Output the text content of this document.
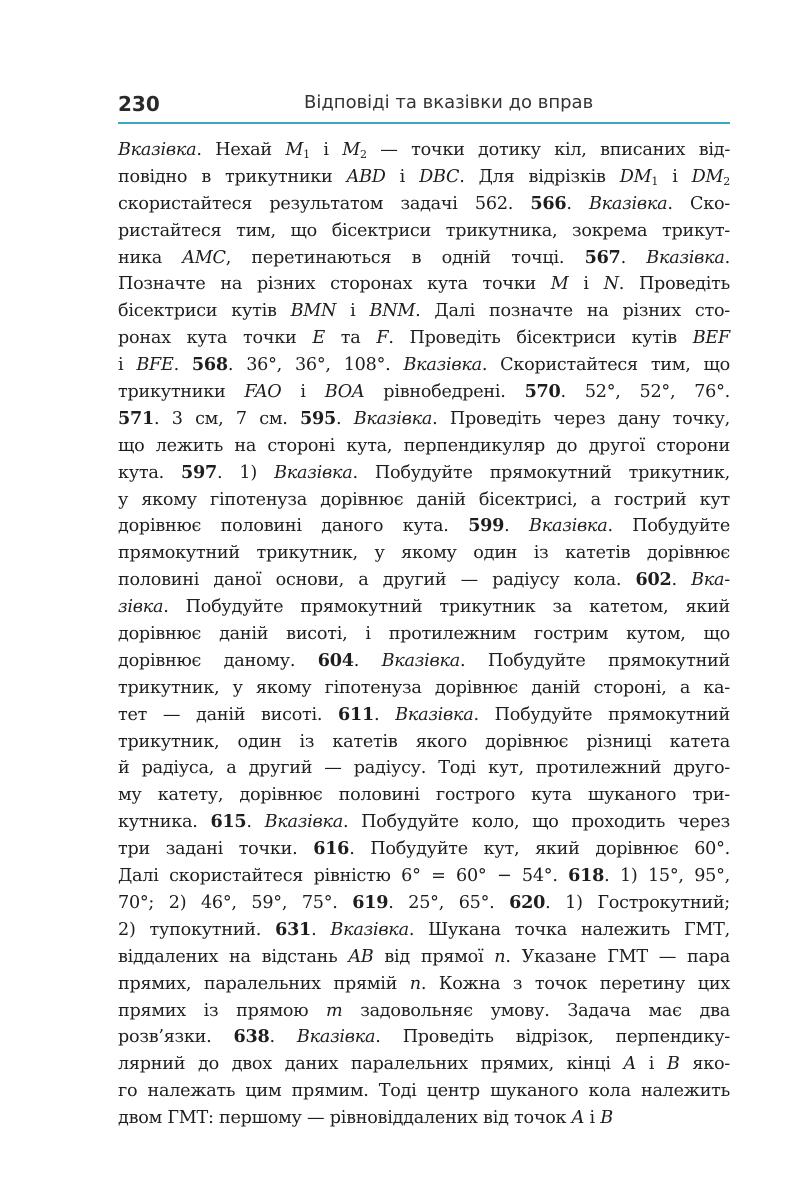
230	Відповіді та вказівки до вправ
Вказівка. Нехай $M_1$ і $M_2$ — точки дотику кіл, вписаних від-
повідно в трикутники ABD і DBC. Для відрізків $DM_1$ і $DM_2$
скористайтеся результатом задачі 562. 566. Вказівка. Ско-
ристайтеся тим, що бісектриси трикутника, зокрема трикут-
ника AMC, перетинаються в одній точці. 567. Вказівка.
Позначте на різних сторонах кута точки M і N. Проведіть
бісектриси кутів BMN і BNM. Далі позначте на різних сто-
ронах кута точки E та F. Проведіть бісектриси кутів BEF
і BFE. 568. 36°, 36°, 108°. Вказівка. Скористайтеся тим, що
трикутники FAO і BOA рівнобедрені. 570. 52°, 52°, 76°.
571. 3 см, 7 см. 595. Вказівка. Проведіть через дану точку,
що лежить на стороні кута, перпендикуляр до другої сторони
кута. 597. 1) Вказівка. Побудуйте прямокутний трикутник,
у якому гіпотенуза дорівнює даній бісектрисі, а гострий кут
дорівнює половині даного кута. 599. Вказівка. Побудуйте
прямокутний трикутник, у якому один із катетів дорівнює
половині даної основи, а другий — радіусу кола. 602. Вка-
зівка. Побудуйте прямокутний трикутник за катетом, який
дорівнює даній висоті, і протилежним гострим кутом, що
дорівнює даному. 604. Вказівка. Побудуйте прямокутний
трикутник, у якому гіпотенуза дорівнює даній стороні, а ка-
тет — даній висоті. 611. Вказівка. Побудуйте прямокутний
трикутник, один із катетів якого дорівнює різниці катета
й радіуса, а другий — радіусу. Тоді кут, протилежний друго-
му катету, дорівнює половині гострого кута шуканого три-
кутника. 615. Вказівка. Побудуйте коло, що проходить через
три задані точки. 616. Побудуйте кут, який дорівнює 60°.
Далі скористайтеся рівністю 6° = 60° − 54°. 618. 1) 15°, 95°,
70°; 2) 46°, 59°, 75°. 619. 25°, 65°. 620. 1) Гострокутний;
2) тупокутний. 631. Вказівка. Шукана точка належить ГМТ,
віддалених на відстань AB від прямої n. Указане ГМТ — пара
прямих, паралельних прямій n. Кожна з точок перетину цих
прямих із прямою m задовольняє умову. Задача має два
розв’язки. 638. Вказівка. Проведіть відрізок, перпендику-
лярний до двох даних паралельних прямих, кінці A і B яко-
го належать цим прямим. Тоді центр шуканого кола належить
двом ГМТ: першому — рівновіддалених від точок A і B
